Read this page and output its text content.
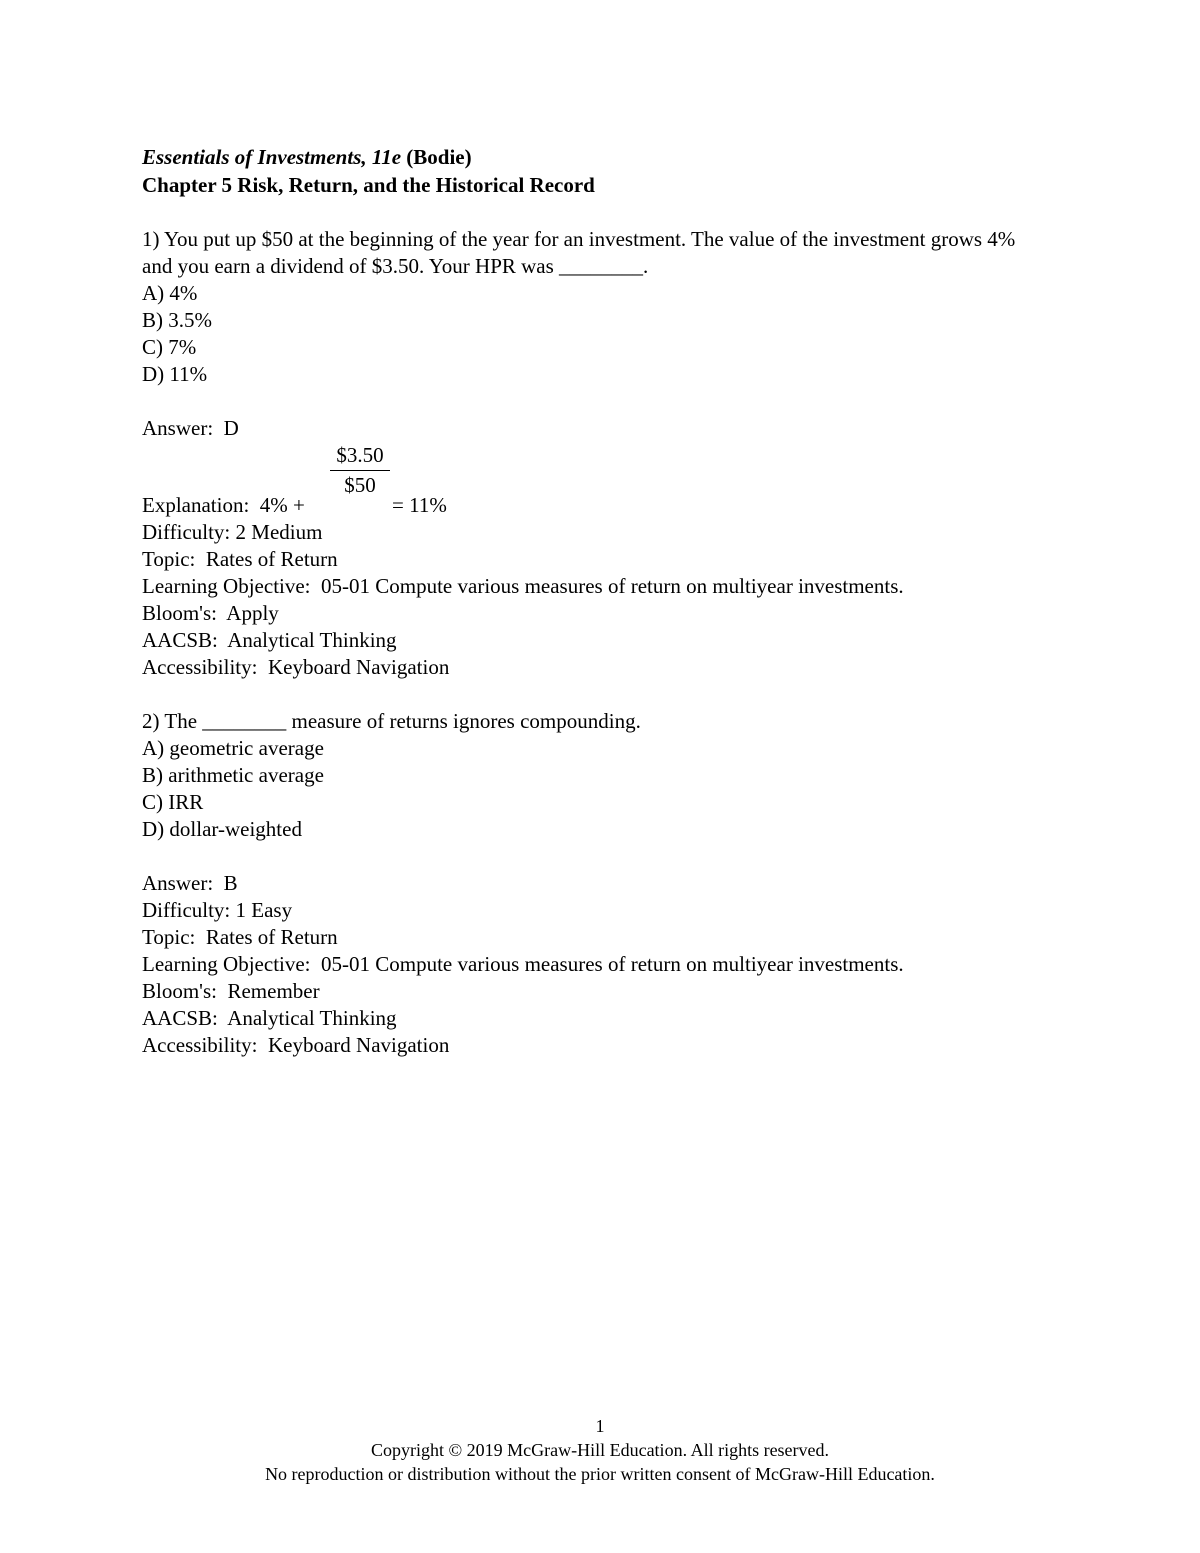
Essentials of Investments, 11e (Bodie)
Chapter 5 Risk, Return, and the Historical Record
1) You put up $50 at the beginning of the year for an investment. The value of the investment grows 4% and you earn a dividend of $3.50. Your HPR was ________.
A) 4%
B) 3.5%
C) 7%
D) 11%
Answer:  D
$\frac{\$3.50}{\$50}$
Explanation:  4% +	= 11%
Difficulty: 2 Medium
Topic:  Rates of Return
Learning Objective:  05-01 Compute various measures of return on multiyear investments.
Bloom's:  Apply
AACSB:  Analytical Thinking
Accessibility:  Keyboard Navigation
2) The ________ measure of returns ignores compounding.
A) geometric average
B) arithmetic average
C) IRR
D) dollar-weighted
Answer:  B
Difficulty: 1 Easy
Topic:  Rates of Return
Learning Objective:  05-01 Compute various measures of return on multiyear investments.
Bloom's:  Remember
AACSB:  Analytical Thinking
Accessibility:  Keyboard Navigation
1
Copyright © 2019 McGraw-Hill Education. All rights reserved.
No reproduction or distribution without the prior written consent of McGraw-Hill Education.
